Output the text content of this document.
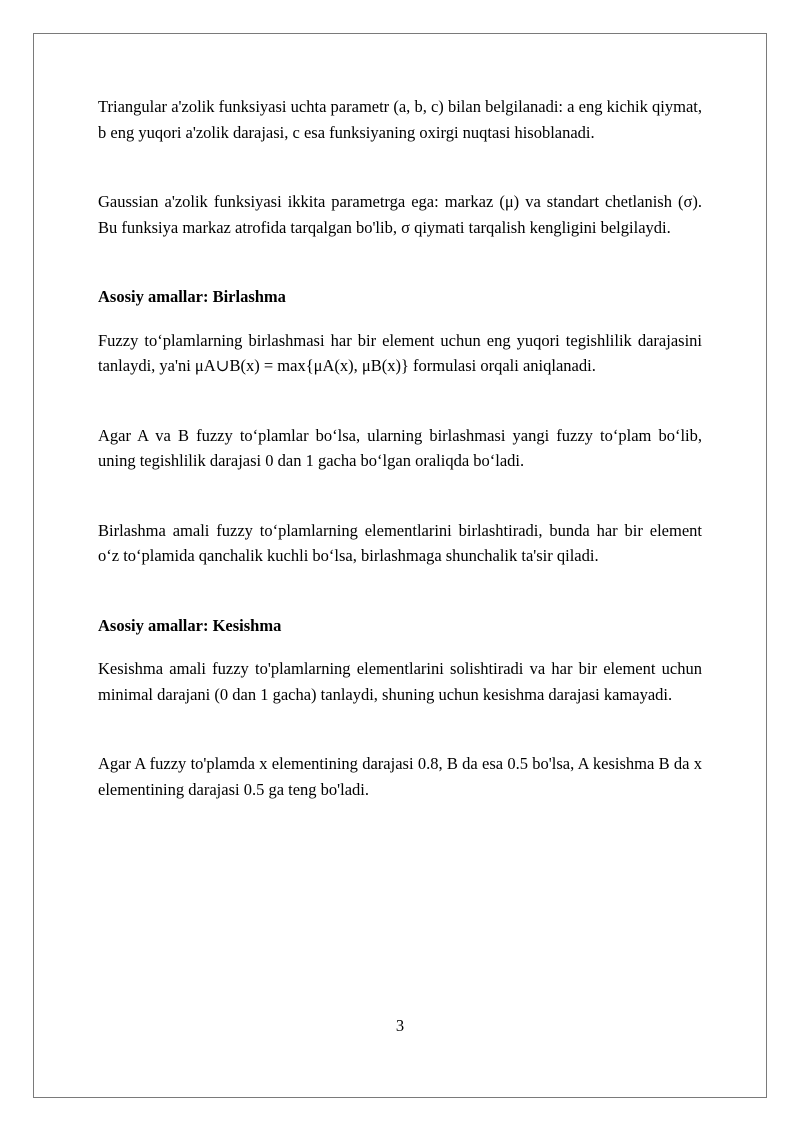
Triangular a'zolik funksiyasi uchta parametr (a, b, c) bilan belgilanadi: a eng kichik qiymat, b eng yuqori a'zolik darajasi, c esa funksiyaning oxirgi nuqtasi hisoblanadi.

Gaussian a'zolik funksiyasi ikkita parametrga ega: markaz (μ) va standart chetlanish (σ). Bu funksiya markaz atrofida tarqalgan bo'lib, σ qiymati tarqalish kengligini belgilaydi.

Asosiy amallar: Birlashma

Fuzzy to‘plamlarning birlashmasi har bir element uchun eng yuqori tegishlilik darajasini tanlaydi, ya'ni μA∪B(x) = max{μA(x), μB(x)} formulasi orqali aniqlanadi.

Agar A va B fuzzy to‘plamlar bo‘lsa, ularning birlashmasi yangi fuzzy to‘plam bo‘lib, uning tegishlilik darajasi 0 dan 1 gacha bo‘lgan oraliqda bo‘ladi.

Birlashma amali fuzzy to‘plamlarning elementlarini birlashtiradi, bunda har bir element o‘z to‘plamida qanchalik kuchli bo‘lsa, birlashmaga shunchalik ta'sir qiladi.

Asosiy amallar: Kesishma

Kesishma amali fuzzy to'plamlarning elementlarini solishtiradi va har bir element uchun minimal darajani (0 dan 1 gacha) tanlaydi, shuning uchun kesishma darajasi kamayadi.

Agar A fuzzy to'plamda x elementining darajasi 0.8, B da esa 0.5 bo'lsa, A kesishma B da x elementining darajasi 0.5 ga teng bo'ladi.

3
